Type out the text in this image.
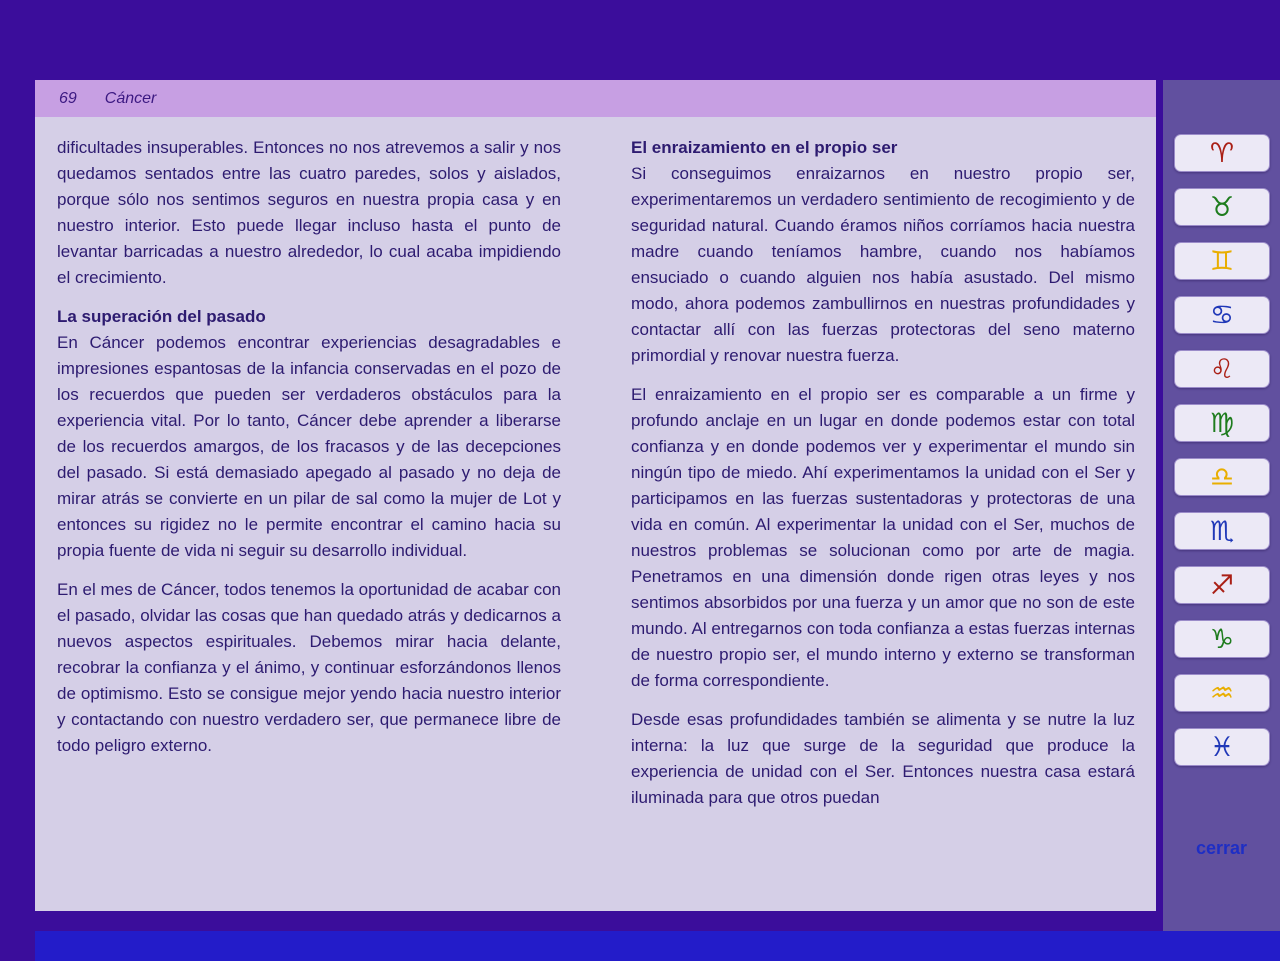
69 Cáncer

dificultades insuperables. Entonces no nos atrevemos a salir y nos quedamos sentados entre las cuatro paredes, solos y aislados, porque sólo nos sentimos seguros en nuestra propia casa y en nuestro interior. Esto puede llegar incluso hasta el punto de levantar barricadas a nuestro alrededor, lo cual acaba impidiendo el crecimiento.

La superación del pasado

En Cáncer podemos encontrar experiencias desagradables e impresiones espantosas de la infancia conservadas en el pozo de los recuerdos que pueden ser verdaderos obstáculos para la experiencia vital. Por lo tanto, Cáncer debe aprender a liberarse de los recuerdos amargos, de los fracasos y de las decepciones del pasado. Si está demasiado apegado al pasado y no deja de mirar atrás se convierte en un pilar de sal como la mujer de Lot y entonces su rigidez no le permite encontrar el camino hacia su propia fuente de vida ni seguir su desarrollo individual.

En el mes de Cáncer, todos tenemos la oportunidad de acabar con el pasado, olvidar las cosas que han quedado atrás y dedicarnos a nuevos aspectos espirituales. Debemos mirar hacia delante, recobrar la confianza y el ánimo, y continuar esforzándonos llenos de optimismo. Esto se consigue mejor yendo hacia nuestro interior y contactando con nuestro verdadero ser, que permanece libre de todo peligro externo.

El enraizamiento en el propio ser

Si conseguimos enraizarnos en nuestro propio ser, experimentaremos un verdadero sentimiento de recogimiento y de seguridad natural. Cuando éramos niños corríamos hacia nuestra madre cuando teníamos hambre, cuando nos habíamos ensuciado o cuando alguien nos había asustado. Del mismo modo, ahora podemos zambullirnos en nuestras profundidades y contactar allí con las fuerzas protectoras del seno materno primordial y renovar nuestra fuerza.

El enraizamiento en el propio ser es comparable a un firme y profundo anclaje en un lugar en donde podemos estar con total confianza y en donde podemos ver y experimentar el mundo sin ningún tipo de miedo. Ahí experimentamos la unidad con el Ser y participamos en las fuerzas sustentadoras y protectoras de una vida en común. Al experimentar la unidad con el Ser, muchos de nuestros problemas se solucionan como por arte de magia. Penetramos en una dimensión donde rigen otras leyes y nos sentimos absorbidos por una fuerza y un amor que no son de este mundo. Al entregarnos con toda confianza a estas fuerzas internas de nuestro propio ser, el mundo interno y externo se transforman de forma correspondiente.

Desde esas profundidades también se alimenta y se nutre la luz interna: la luz que surge de la seguridad que produce la experiencia de unidad con el Ser. Entonces nuestra casa estará iluminada para que otros puedan

♈
♉
♊
♋
♌
♍
♎
♏
♐
♑
♒
♓
cerrar
